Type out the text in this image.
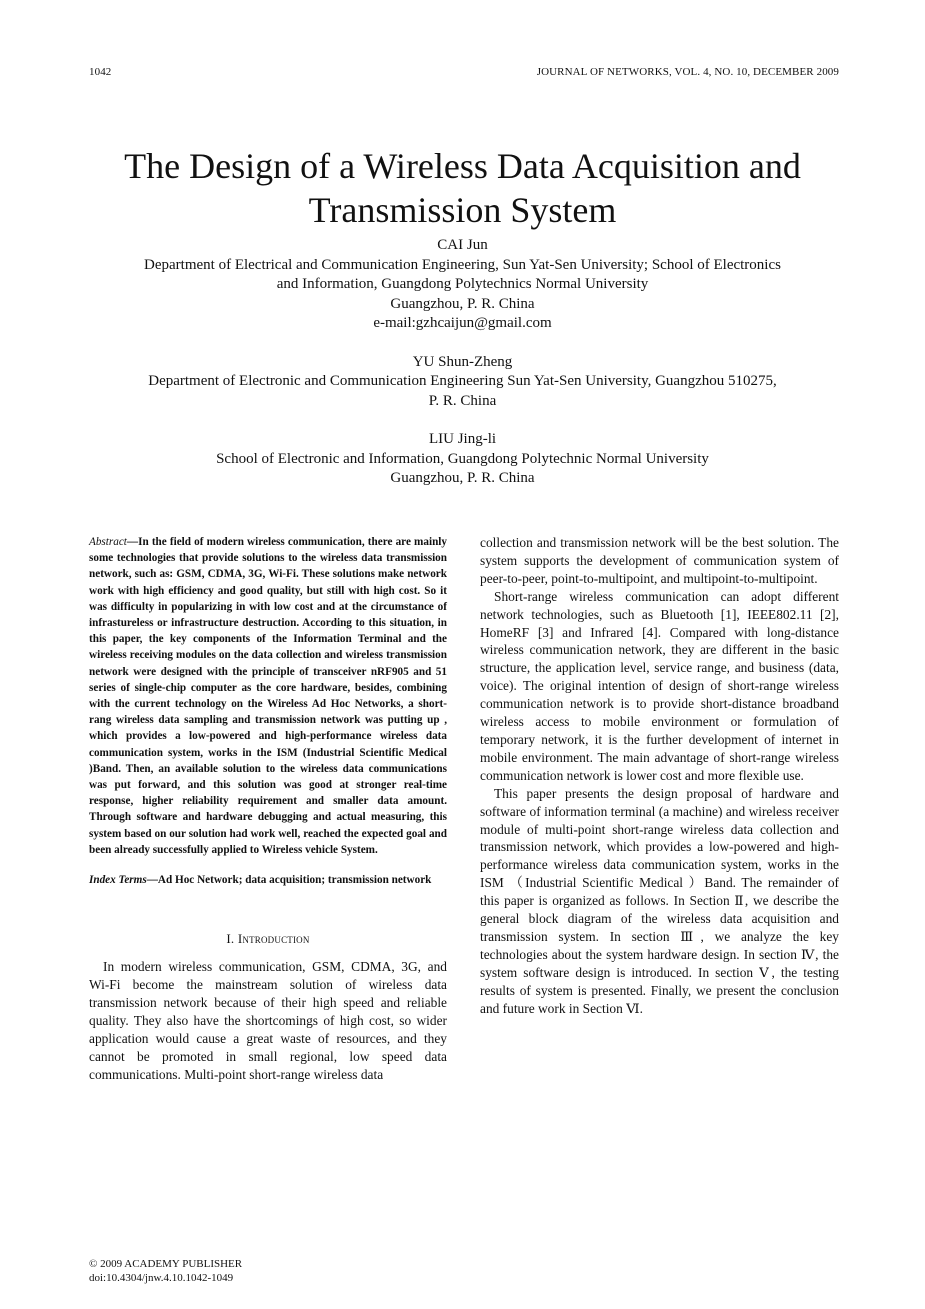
1042	JOURNAL OF NETWORKS, VOL. 4, NO. 10, DECEMBER 2009
The Design of a Wireless Data Acquisition and
Transmission System

CAI Jun

Department of Electrical and Communication Engineering, Sun Yat-Sen University; School of Electronics

and Information, Guangdong Polytechnics Normal University

Guangzhou, P. R. China

e-mail:gzhcaijun@gmail.com

YU Shun-Zheng

Department of Electronic and Communication Engineering Sun Yat-Sen University, Guangzhou 510275,

P. R. China

LIU Jing-li

School of Electronic and Information, Guangdong Polytechnic Normal University

Guangzhou, P. R. China

Abstract—In the field of modern wireless communication, there are mainly some technologies that provide solutions to the wireless data transmission network, such as: GSM, CDMA, 3G, Wi-Fi. These solutions make network work with high efficiency and good quality, but still with high cost. So it was difficulty in popularizing in with low cost and at the circumstance of infrastureless or infrastructure destruction. According to this situation, in this paper, the key components of the Information Terminal and the wireless receiving modules on the data collection and wireless transmission network were designed with the principle of transceiver nRF905 and 51 series of single-chip computer as the core hardware, besides, combining with the current technology on the Wireless Ad Hoc Networks, a short-rang wireless data sampling and transmission network was putting up , which provides a low-powered and high-performance wireless data communication system, works in the ISM (Industrial Scientific Medical )Band. Then, an available solution to the wireless data communications was put forward, and this solution was good at stronger real-time response, higher reliability requirement and smaller data amount. Through software and hardware debugging and actual measuring, this system based on our solution had work well, reached the expected goal and been already successfully applied to Wireless vehicle System.

Index Terms—Ad Hoc Network; data acquisition; transmission network

I. Introduction

In modern wireless communication, GSM, CDMA, 3G, and Wi-Fi become the mainstream solution of wireless data transmission network because of their high speed and reliable quality. They also have the shortcomings of high cost, so wider application would cause a great waste of resources, and they cannot be promoted in small regional, low speed data communications. Multi-point short-range wireless data

collection and transmission network will be the best solution. The system supports the development of communication system of peer-to-peer, point-to-multipoint, and multipoint-to-multipoint.

Short-range wireless communication can adopt different network technologies, such as Bluetooth [1], IEEE802.11 [2], HomeRF [3] and Infrared [4]. Compared with long-distance wireless communication network, they are different in the basic structure, the application level, service range, and business (data, voice). The original intention of design of short-range wireless communication network is to provide short-distance broadband wireless access to mobile environment or formulation of temporary network, it is the further development of internet in mobile environment. The main advantage of short-range wireless communication network is lower cost and more flexible use.

This paper presents the design proposal of hardware and software of information terminal (a machine) and wireless receiver module of multi-point short-range wireless data collection and transmission network, which provides a low-powered and high-performance wireless data communication system, works in the ISM （Industrial Scientific Medical ）Band. The remainder of this paper is organized as follows. In Section Ⅱ, we describe the general block diagram of the wireless data acquisition and transmission system. In section Ⅲ, we analyze the key technologies about the system hardware design. In section Ⅳ, the system software design is introduced. In section Ⅴ, the testing results of system is presented. Finally, we present the conclusion and future work in Section Ⅵ.

© 2009 ACADEMY PUBLISHER

doi:10.4304/jnw.4.10.1042-1049
